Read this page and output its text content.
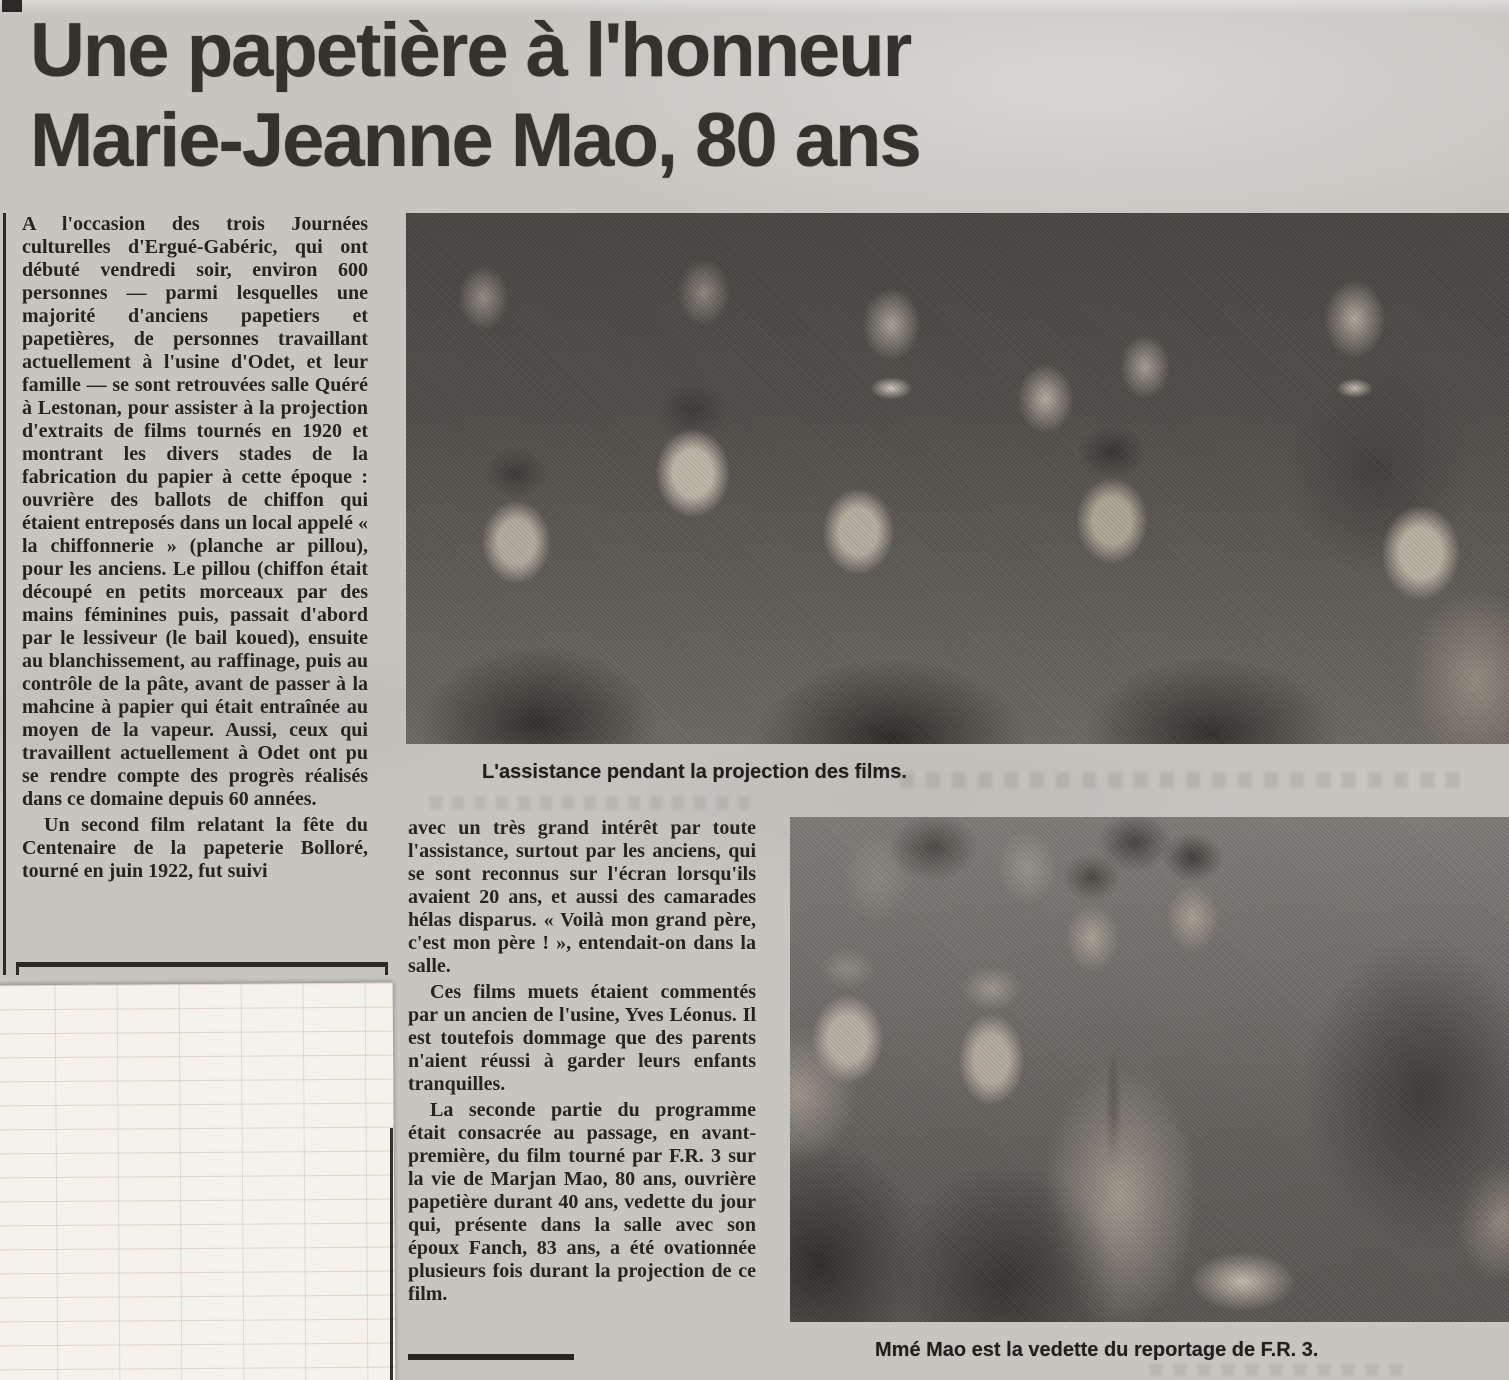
Une papetière à l'honneur
Marie-Jeanne Mao, 80 ans

A l'occasion des trois Journées culturelles d'Ergué-Gabéric, qui ont débuté vendredi soir, environ 600 personnes — parmi lesquelles une majorité d'anciens papetiers et papetières, de personnes travaillant actuellement à l'usine d'Odet, et leur famille — se sont retrouvées salle Quéré à Lestonan, pour assister à la projection d'extraits de films tournés en 1920 et montrant les divers stades de la fabrication du papier à cette époque : ouvrière des ballots de chiffon qui étaient entreposés dans un local appelé « la chiffonnerie » (planche ar pillou), pour les anciens. Le pillou (chiffon était découpé en petits morceaux par des mains féminines puis, passait d'abord par le lessiveur (le bail koued), ensuite au blanchissement, au raffinage, puis au contrôle de la pâte, avant de passer à la mahcine à papier qui était entraînée au moyen de la vapeur. Aussi, ceux qui travaillent actuellement à Odet ont pu se rendre compte des progrès réalisés dans ce domaine depuis 60 années.

Un second film relatant la fête du Centenaire de la papeterie Bolloré, tourné en juin 1922, fut suivi

L'assistance pendant la projection des films.

avec un très grand intérêt par toute l'assistance, surtout par les anciens, qui se sont reconnus sur l'écran lorsqu'ils avaient 20 ans, et aussi des camarades hélas disparus. « Voilà mon grand père, c'est mon père ! », entendait-on dans la salle.

Ces films muets étaient commentés par un ancien de l'usine, Yves Léonus. Il est toutefois dommage que des parents n'aient réussi à garder leurs enfants tranquilles.

La seconde partie du programme était consacrée au passage, en avant-première, du film tourné par F.R. 3 sur la vie de Marjan Mao, 80 ans, ouvrière papetière durant 40 ans, vedette du jour qui, présente dans la salle avec son époux Fanch, 83 ans, a été ovationnée plusieurs fois durant la projection de ce film.

Mmé Mao est la vedette du reportage de F.R. 3.
